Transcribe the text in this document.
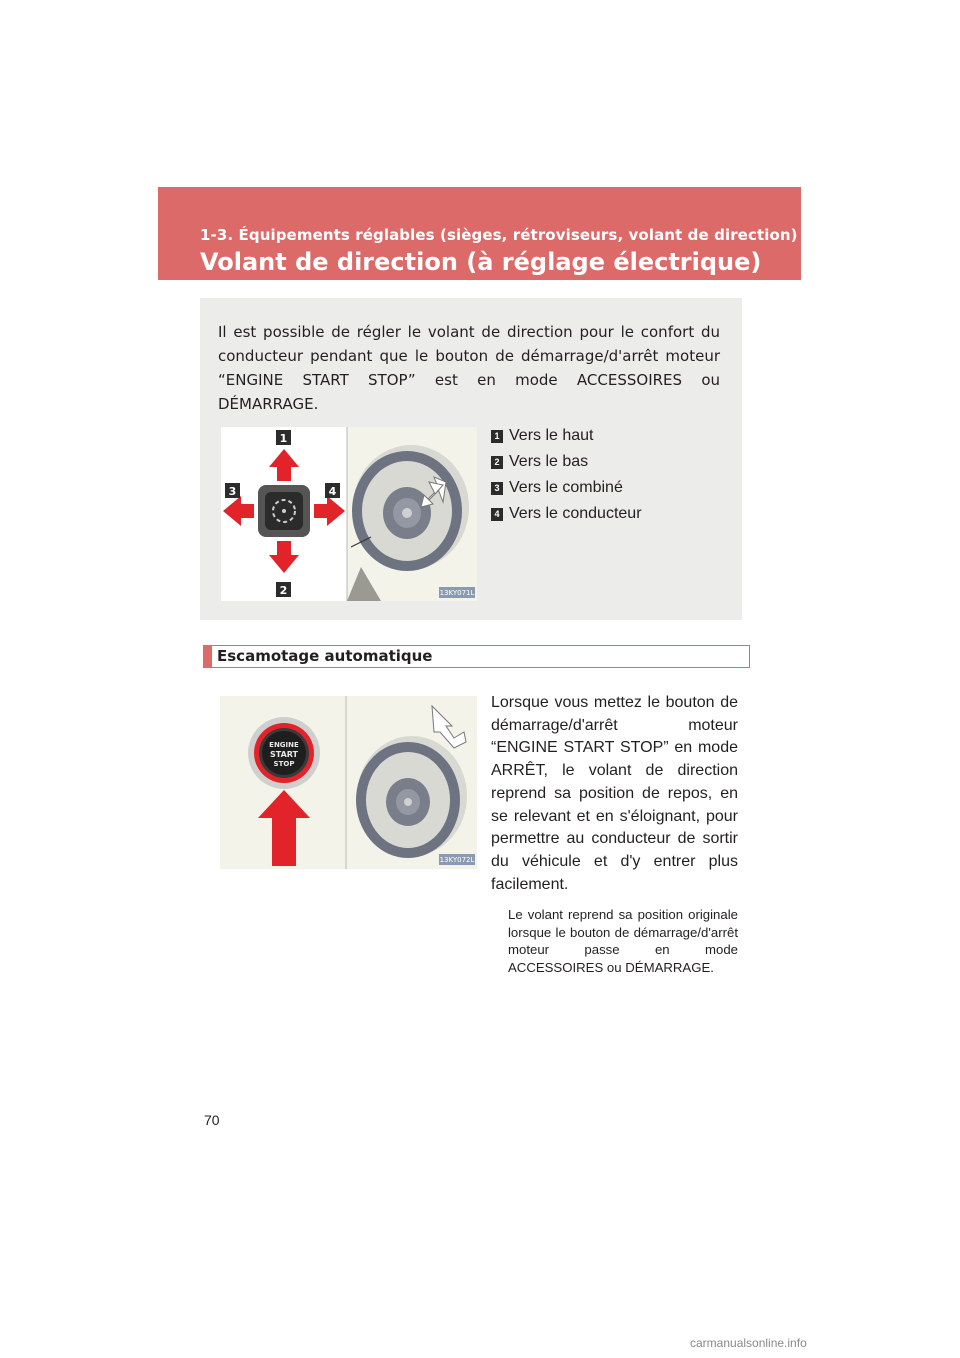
1-3. Équipements réglables (sièges, rétroviseurs, volant de direction)
Volant de direction (à réglage électrique)
Il est possible de régler le volant de direction pour le confort du conducteur pendant que le bouton de démarrage/d'arrêt moteur “ENGINE START STOP” est en mode ACCESSOIRES ou DÉMARRAGE.
1
2
3	4
13KY071L
1 Vers le haut
2 Vers le bas
3 Vers le combiné
4 Vers le conducteur
Escamotage automatique
ENGINE
START
STOP
13KY072L
Lorsque vous mettez le bouton de démarrage/d'arrêt moteur “ENGINE START STOP” en mode ARRÊT, le volant de direction reprend sa position de repos, en se relevant et en s'éloignant, pour permettre au conducteur de sortir du véhicule et d'y entrer plus facilement.
Le volant reprend sa position originale lorsque le bouton de démarrage/d'arrêt moteur passe en mode ACCESSOIRES ou DÉMARRAGE.
70
carmanualsonline.info
